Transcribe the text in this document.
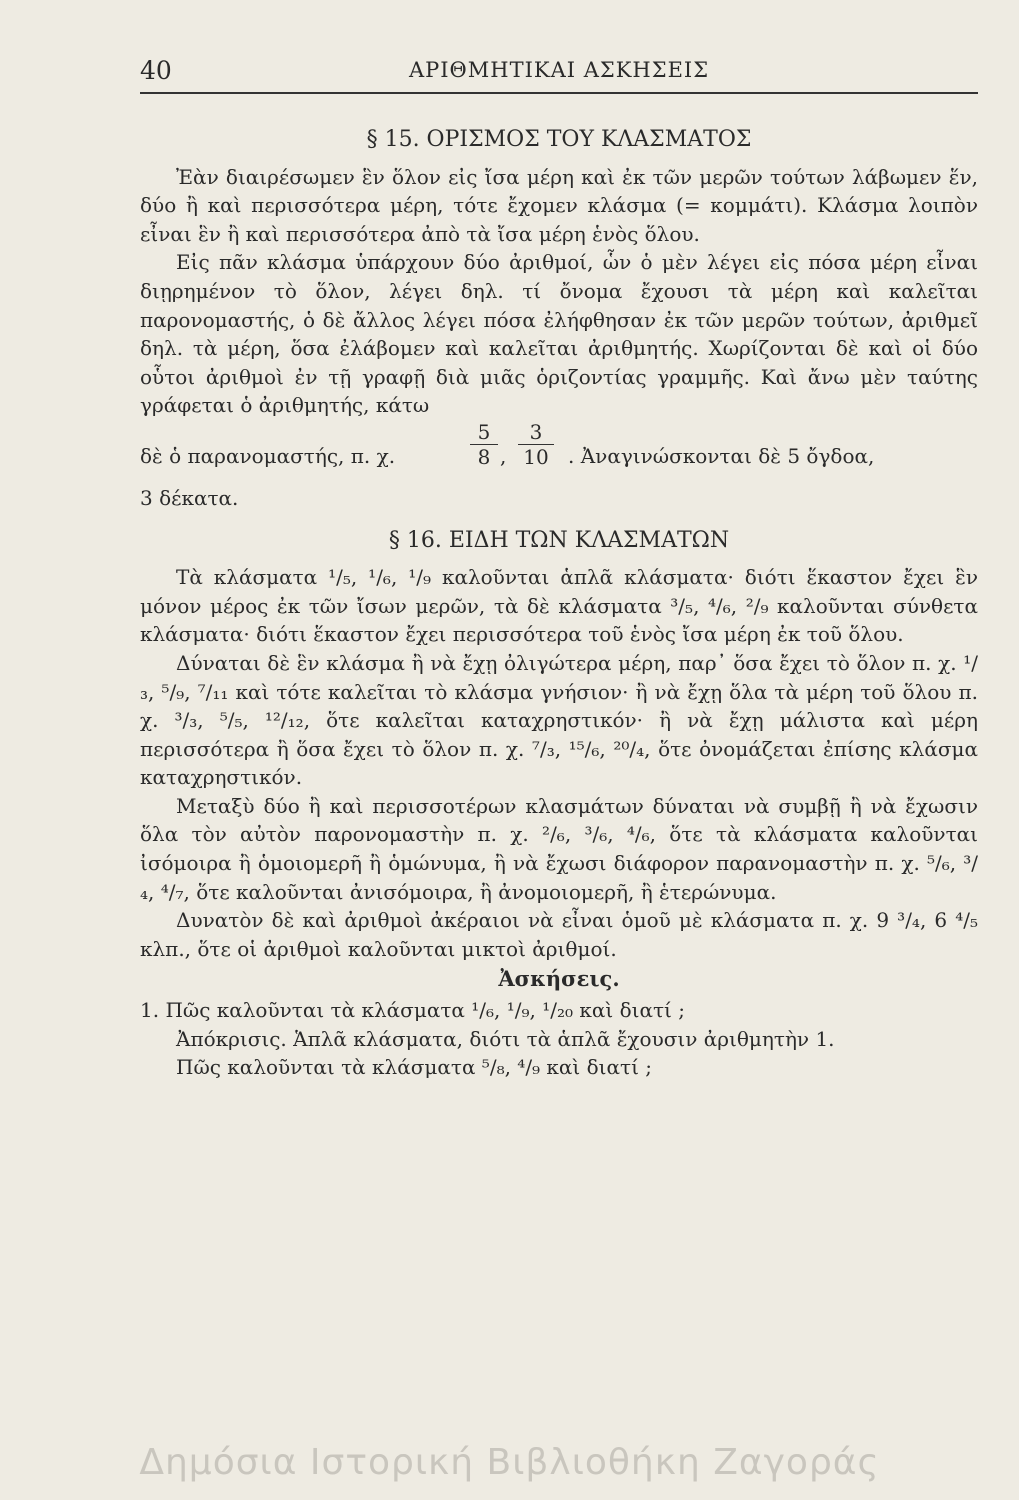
40	ΑΡΙΘΜΗΤΙΚΑΙ ΑΣΚΗΣΕΙΣ
§ 15. ΟΡΙΣΜΟΣ ΤΟΥ ΚΛΑΣΜΑΤΟΣ

Ἐὰν διαιρέσωμεν ἓν ὅλον εἰς ἴσα μέρη καὶ ἐκ τῶν μερῶν τούτων λάβωμεν ἕν, δύο ἢ καὶ περισσότερα μέρη, τότε ἔχομεν κλάσμα (= κομμάτι). Κλάσμα λοιπὸν εἶναι ἓν ἢ καὶ περισσότερα ἀπὸ τὰ ἴσα μέρη ἑνὸς ὅλου.

Εἰς πᾶν κλάσμα ὑπάρχουν δύο ἀριθμοί, ὧν ὁ μὲν λέγει εἰς πόσα μέρη εἶναι διῃρημένον τὸ ὅλον, λέγει δηλ. τί ὄνομα ἔχουσι τὰ μέρη καὶ καλεῖται παρονομαστής, ὁ δὲ ἄλλος λέγει πόσα ἐλήφθησαν ἐκ τῶν μερῶν τούτων, ἀριθμεῖ δηλ. τὰ μέρη, ὅσα ἐλάβομεν καὶ καλεῖται ἀριθμητής. Χωρίζονται δὲ καὶ οἱ δύο οὗτοι ἀριθμοὶ ἐν τῇ γραφῇ διὰ μιᾶς ὁριζοντίας γραμμῆς. Καὶ ἄνω μὲν ταύτης γράφεται ὁ ἀριθμητής, κάτω

δὲ ὁ παρανομαστής, π. χ.	$\frac{5}{8}$ , $\frac{3}{10}$ . Ἀναγινώσκονται δὲ 5 ὄγδοα,

3 δέκατα.

§ 16. ΕΙΔΗ ΤΩΝ ΚΛΑΣΜΑΤΩΝ

Τὰ κλάσματα ¹/₅, ¹/₆, ¹/₉ καλοῦνται ἁπλᾶ κλάσματα· διότι ἕκαστον ἔχει ἓν μόνον μέρος ἐκ τῶν ἴσων μερῶν, τὰ δὲ κλάσματα ³/₅, ⁴/₆, ²/₉ καλοῦνται σύνθετα κλάσματα· διότι ἕκαστον ἔχει περισσότερα τοῦ ἑνὸς ἴσα μέρη ἐκ τοῦ ὅλου.

Δύναται δὲ ἓν κλάσμα ἢ νὰ ἔχῃ ὀλιγώτερα μέρη, παρ᾽ ὅσα ἔχει τὸ ὅλον π. χ. ¹/₃, ⁵/₉, ⁷/₁₁ καὶ τότε καλεῖται τὸ κλάσμα γνήσιον· ἢ νὰ ἔχῃ ὅλα τὰ μέρη τοῦ ὅλου π. χ. ³/₃, ⁵/₅, ¹²/₁₂, ὅτε καλεῖται καταχρηστικόν· ἢ νὰ ἔχῃ μάλιστα καὶ μέρη περισσότερα ἢ ὅσα ἔχει τὸ ὅλον π. χ. ⁷/₃, ¹⁵/₆, ²⁰/₄, ὅτε ὀνομάζεται ἐπίσης κλάσμα καταχρηστικόν.

Μεταξὺ δύο ἢ καὶ περισσοτέρων κλασμάτων δύναται νὰ συμβῇ ἢ νὰ ἔχωσιν ὅλα τὸν αὐτὸν παρονομαστὴν π. χ. ²/₆, ³/₆, ⁴/₆, ὅτε τὰ κλάσματα καλοῦνται ἰσόμοιρα ἢ ὁμοιομερῆ ἢ ὁμώνυμα, ἢ νὰ ἔχωσι διάφορον παρανομαστὴν π. χ. ⁵/₆, ³/₄, ⁴/₇, ὅτε καλοῦνται ἀνισόμοιρα, ἢ ἀνομοιομερῆ, ἢ ἑτερώνυμα.

Δυνατὸν δὲ καὶ ἀριθμοὶ ἀκέραιοι νὰ εἶναι ὁμοῦ μὲ κλάσματα π. χ. 9 ³/₄, 6 ⁴/₅ κλπ., ὅτε οἱ ἀριθμοὶ καλοῦνται μικτοὶ ἀριθμοί.

Ἀσκήσεις.

1. Πῶς καλοῦνται τὰ κλάσματα ¹/₆, ¹/₉, ¹/₂₀ καὶ διατί ;

Ἀπόκρισις. Ἁπλᾶ κλάσματα, διότι τὰ ἁπλᾶ ἔχουσιν ἀριθμητὴν 1.

Πῶς καλοῦνται τὰ κλάσματα ⁵/₈, ⁴/₉ καὶ διατί ;

Δημόσια Ιστορική Βιβλιοθήκη Ζαγοράς
